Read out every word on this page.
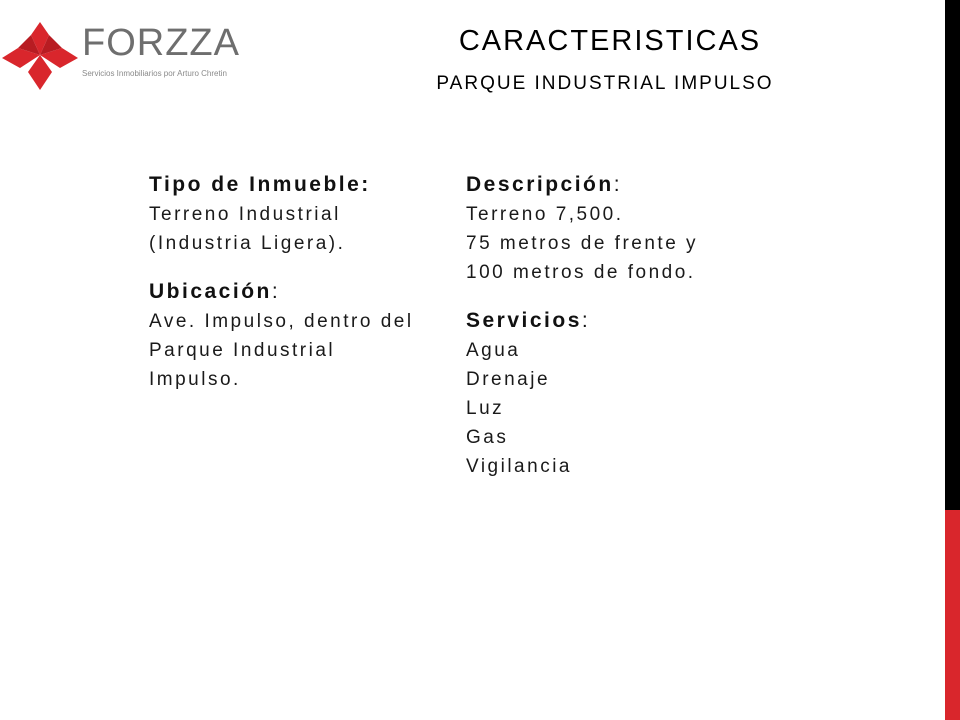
FORZZA
Servicios Inmobiliarios por Arturo Chretin
CARACTERISTICAS
PARQUE INDUSTRIAL IMPULSO
Tipo de Inmueble:
Terreno Industrial
(Industria Ligera).
Ubicación:
Ave. Impulso, dentro del
Parque Industrial
Impulso.
Descripción:
Terreno 7,500.
75 metros de frente y
100 metros de fondo.
Servicios:
Agua
Drenaje
Luz
Gas
Vigilancia
